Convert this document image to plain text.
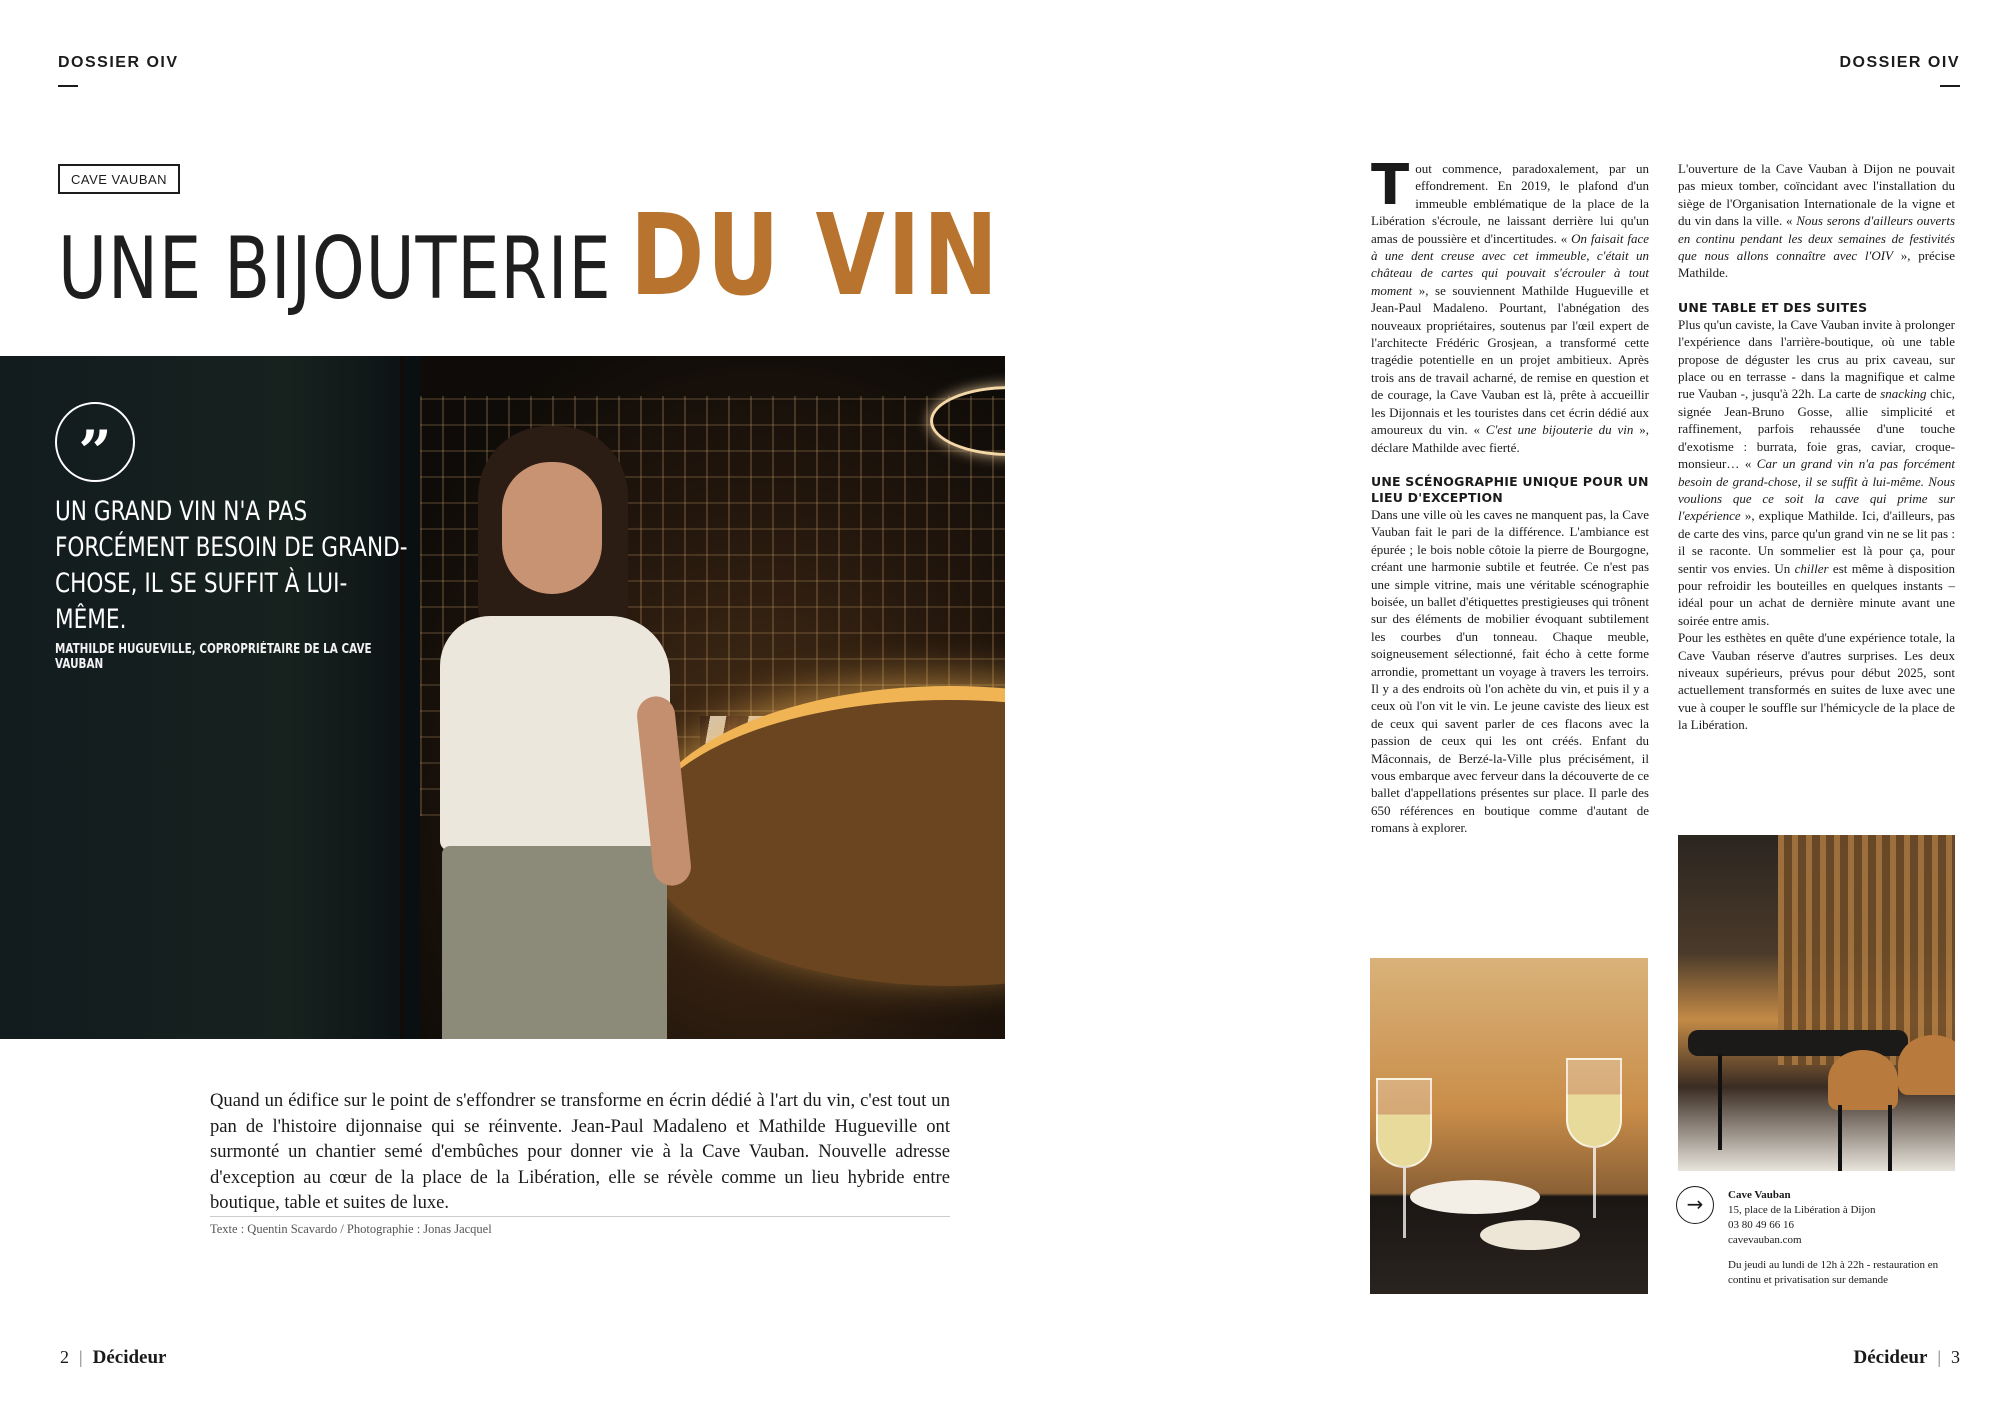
DOSSIER OIV	DOSSIER OIV
CAVE VAUBAN
UNE BIJOUTERIE DU VIN
”
UN GRAND VIN N'A PAS FORCÉMENT BESOIN DE GRAND-CHOSE, IL SE SUFFIT À LUI-MÊME.
MATHILDE HUGUEVILLE, COPROPRIÉTAIRE DE LA CAVE VAUBAN

Quand un édifice sur le point de s'effondrer se transforme en écrin dédié à l'art du vin, c'est tout un pan de l'histoire dijonnaise qui se réinvente. Jean-Paul Madaleno et Mathilde Hugueville ont surmonté un chantier semé d'embûches pour donner vie à la Cave Vauban. Nouvelle adresse d'exception au cœur de la place de la Libération, elle se révèle comme un lieu hybride entre boutique, table et suites de luxe.

Texte : Quentin Scavardo / Photographie : Jonas Jacquel

Tout commence, paradoxalement, par un effondrement. En 2019, le plafond d'un immeuble emblématique de la place de la Libération s'écroule, ne laissant derrière lui qu'un amas de poussière et d'incertitudes. « On faisait face à une dent creuse avec cet immeuble, c'était un château de cartes qui pouvait s'écrouler à tout moment », se souviennent Mathilde Hugueville et Jean-Paul Madaleno. Pourtant, l'abnégation des nouveaux propriétaires, soutenus par l'œil expert de l'architecte Frédéric Grosjean, a transformé cette tragédie potentielle en un projet ambitieux. Après trois ans de travail acharné, de remise en question et de courage, la Cave Vauban est là, prête à accueillir les Dijonnais et les touristes dans cet écrin dédié aux amoureux du vin. « C'est une bijouterie du vin », déclare Mathilde avec fierté.

UNE SCÉNOGRAPHIE UNIQUE POUR UN LIEU D'EXCEPTION

Dans une ville où les caves ne manquent pas, la Cave Vauban fait le pari de la différence. L'ambiance est épurée ; le bois noble côtoie la pierre de Bourgogne, créant une harmonie subtile et feutrée. Ce n'est pas une simple vitrine, mais une véritable scénographie boisée, un ballet d'étiquettes prestigieuses qui trônent sur des éléments de mobilier évoquant subtilement les courbes d'un tonneau. Chaque meuble, soigneusement sélectionné, fait écho à cette forme arrondie, promettant un voyage à travers les terroirs. Il y a des endroits où l'on achète du vin, et puis il y a ceux où l'on vit le vin. Le jeune caviste des lieux est de ceux qui savent parler de ces flacons avec la passion de ceux qui les ont créés. Enfant du Mâconnais, de Berzé-la-Ville plus précisément, il vous embarque avec ferveur dans la découverte de ce ballet d'appellations présentes sur place. Il parle des 650 références en boutique comme d'autant de romans à explorer.

L'ouverture de la Cave Vauban à Dijon ne pouvait pas mieux tomber, coïncidant avec l'installation du siège de l'Organisation Internationale de la vigne et du vin dans la ville. « Nous serons d'ailleurs ouverts en continu pendant les deux semaines de festivités que nous allons connaître avec l'OIV », précise Mathilde.

UNE TABLE ET DES SUITES

Plus qu'un caviste, la Cave Vauban invite à prolonger l'expérience dans l'arrière-boutique, où une table propose de déguster les crus au prix caveau, sur place ou en terrasse - dans la magnifique et calme rue Vauban -, jusqu'à 22h. La carte de snacking chic, signée Jean-Bruno Gosse, allie simplicité et raffinement, parfois rehaussée d'une touche d'exotisme : burrata, foie gras, caviar, croque-monsieur… « Car un grand vin n'a pas forcément besoin de grand-chose, il se suffit à lui-même. Nous voulions que ce soit la cave qui prime sur l'expérience », explique Mathilde. Ici, d'ailleurs, pas de carte des vins, parce qu'un grand vin ne se lit pas : il se raconte. Un sommelier est là pour ça, pour sentir vos envies. Un chiller est même à disposition pour refroidir les bouteilles en quelques instants – idéal pour un achat de dernière minute avant une soirée entre amis.

Pour les esthètes en quête d'une expérience totale, la Cave Vauban réserve d'autres surprises. Les deux niveaux supérieurs, prévus pour début 2025, sont actuellement transformés en suites de luxe avec une vue à couper le souffle sur l'hémicycle de la place de la Libération.

→	Cave Vauban
15, place de la Libération à Dijon
03 80 49 66 16
cavevauban.com
Du jeudi au lundi de 12h à 22h - restauration en continu et privatisation sur demande
2 | Décideur	Décideur | 3
